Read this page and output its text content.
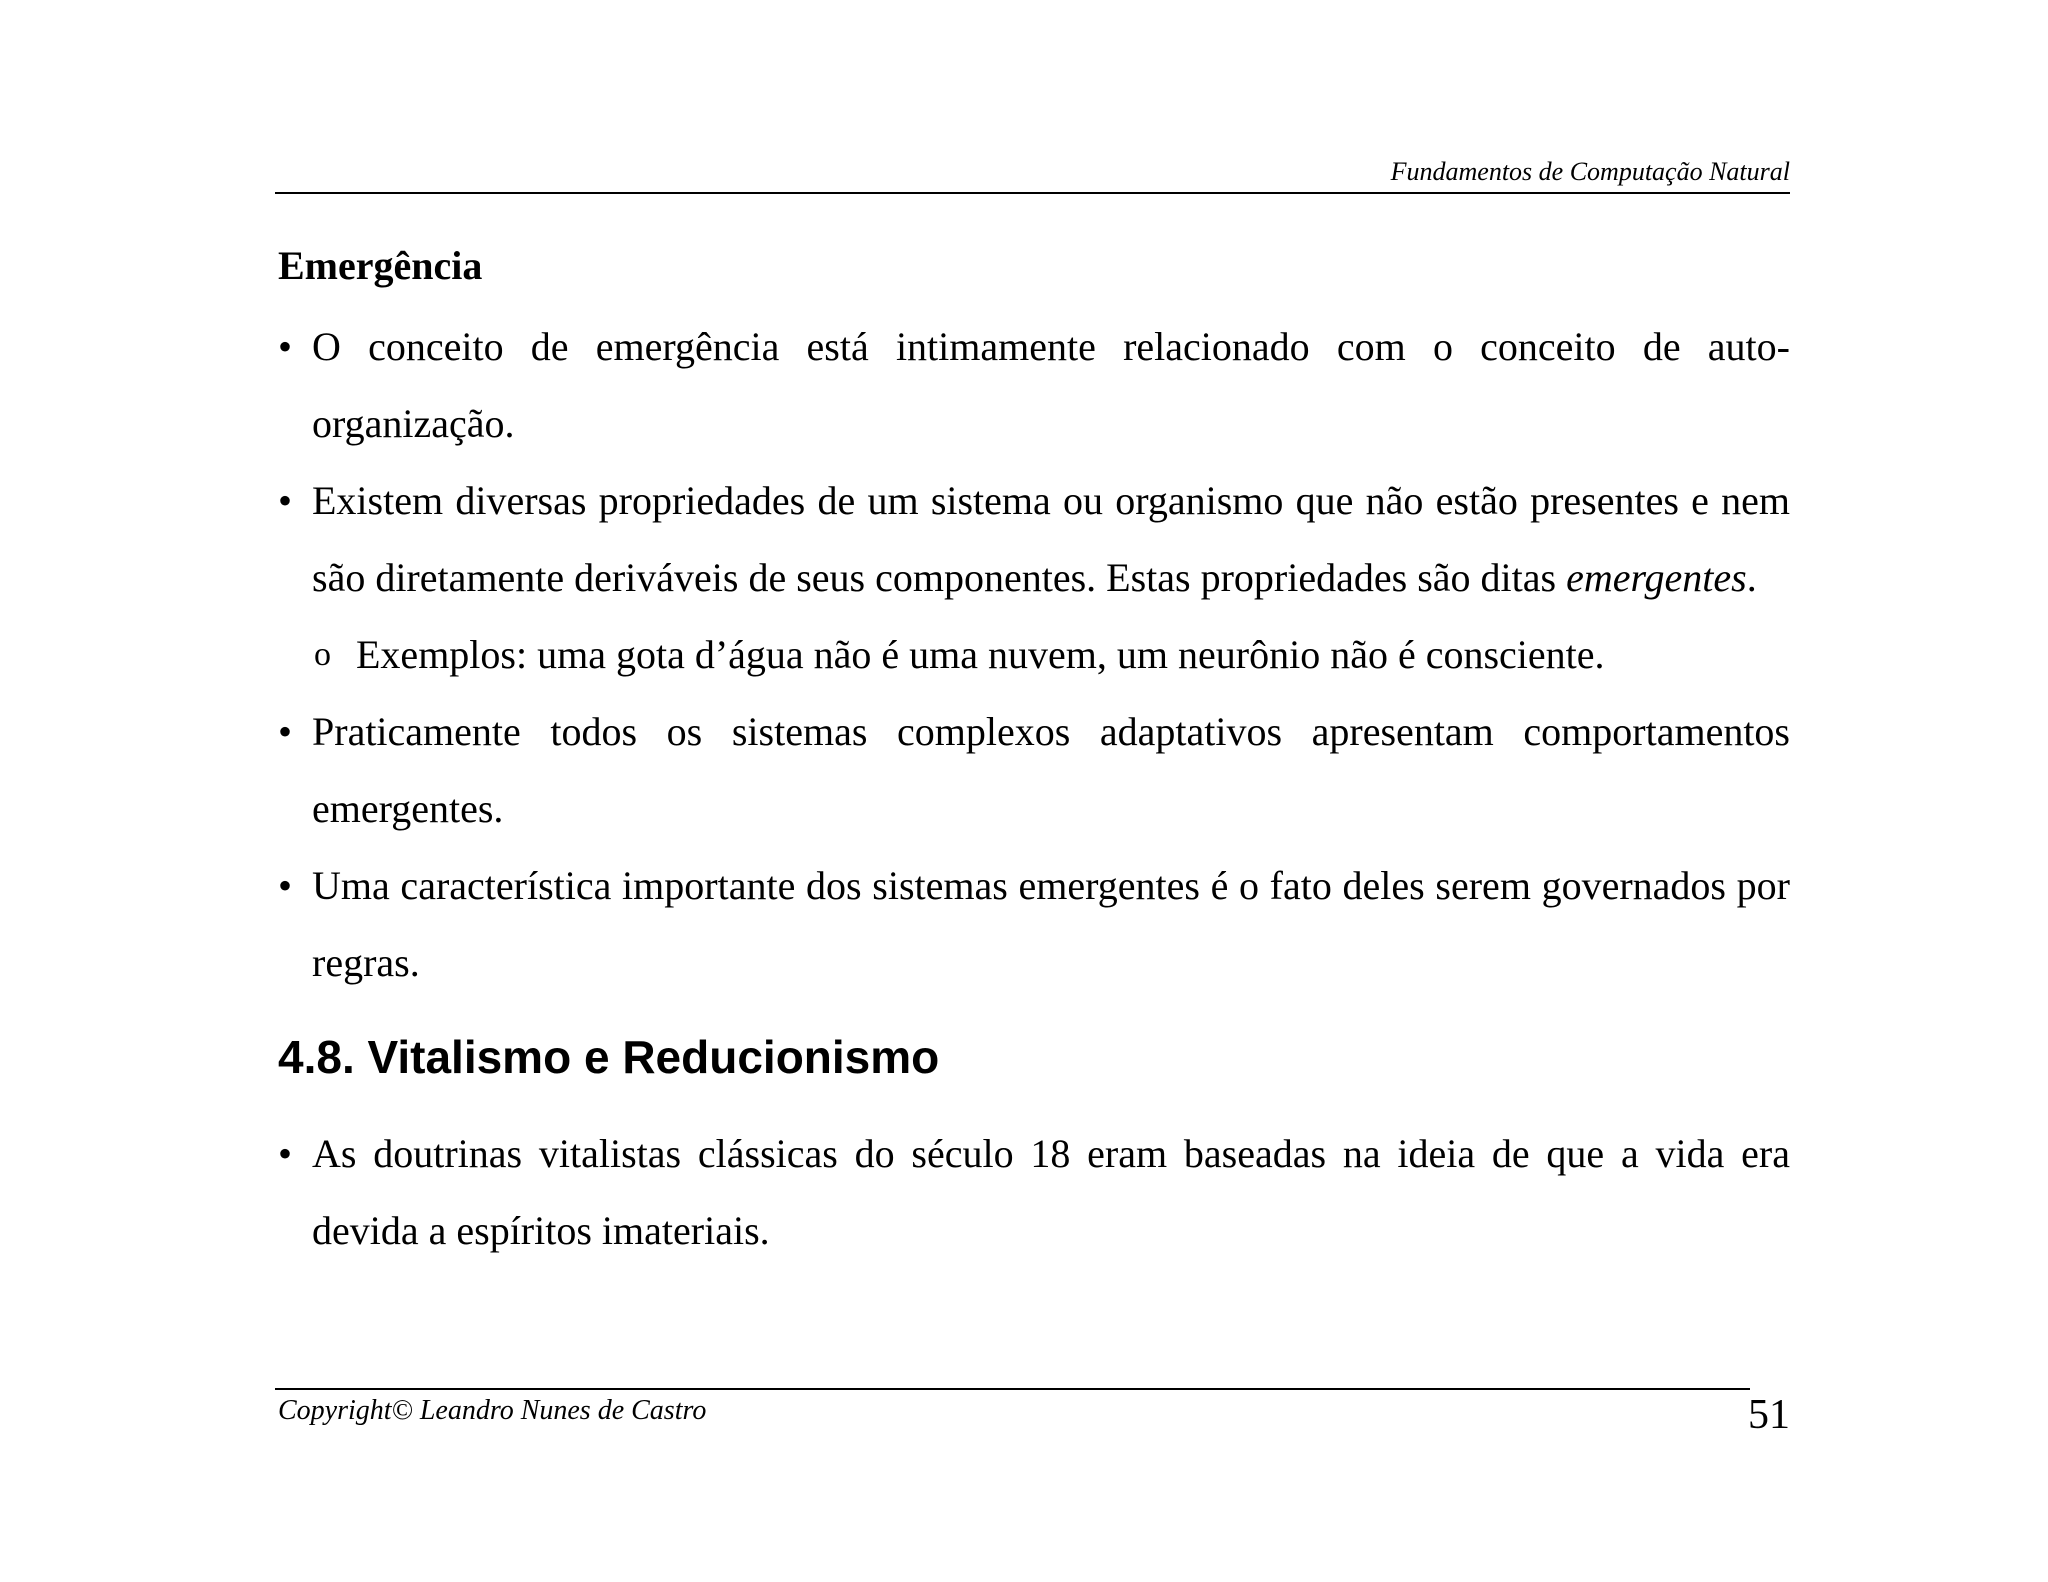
Fundamentos de Computação Natural
Emergência
• O conceito de emergência está intimamente relacionado com o conceito de auto-organização.
• Existem diversas propriedades de um sistema ou organismo que não estão presentes e nem são diretamente deriváveis de seus componentes. Estas propriedades são ditas emergentes.
o Exemplos: uma gota d’água não é uma nuvem, um neurônio não é consciente.
• Praticamente todos os sistemas complexos adaptativos apresentam comportamentos emergentes.
• Uma característica importante dos sistemas emergentes é o fato deles serem governados por regras.
4.8. Vitalismo e Reducionismo
• As doutrinas vitalistas clássicas do século 18 eram baseadas na ideia de que a vida era devida a espíritos imateriais.
Copyright© Leandro Nunes de Castro	51
